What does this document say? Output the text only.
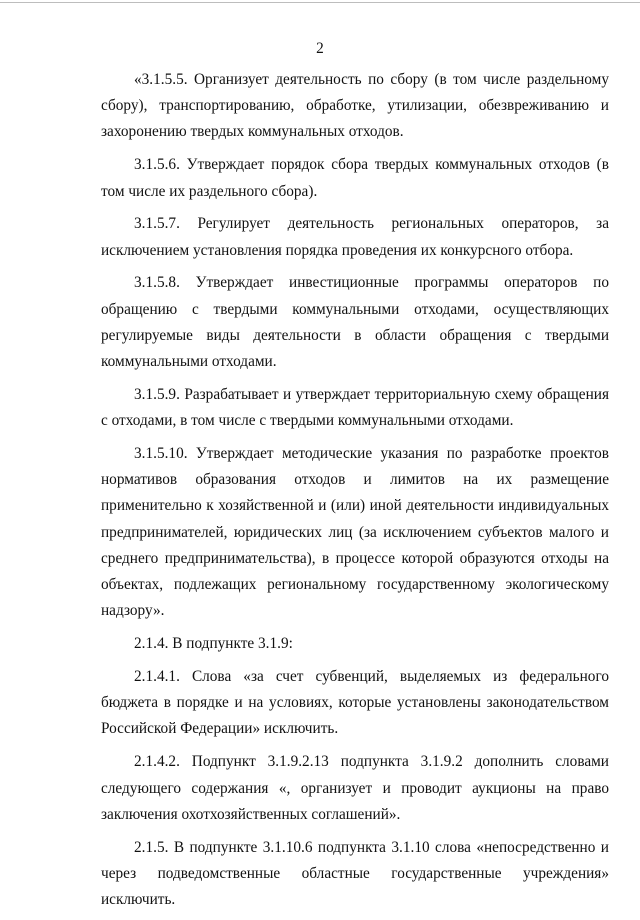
2

«3.1.5.5. Организует деятельность по сбору (в том числе раздельному сбору), транспортированию, обработке, утилизации, обезвреживанию и захоронению твердых коммунальных отходов.

3.1.5.6. Утверждает порядок сбора твердых коммунальных отходов (в том числе их раздельного сбора).

3.1.5.7. Регулирует деятельность региональных операторов, за исключением установления порядка проведения их конкурсного отбора.

3.1.5.8. Утверждает инвестиционные программы операторов по обращению с твердыми коммунальными отходами, осуществляющих регулируемые виды деятельности в области обращения с твердыми коммунальными отходами.

3.1.5.9. Разрабатывает и утверждает территориальную схему обращения с отходами, в том числе с твердыми коммунальными отходами.

3.1.5.10. Утверждает методические указания по разработке проектов нормативов образования отходов и лимитов на их размещение применительно к хозяйственной и (или) иной деятельности индивидуальных предпринимателей, юридических лиц (за исключением субъектов малого и среднего предпринимательства), в процессе которой образуются отходы на объектах, подлежащих региональному государственному экологическому надзору».

2.1.4. В подпункте 3.1.9:

2.1.4.1. Слова «за счет субвенций, выделяемых из федерального бюджета в порядке и на условиях, которые установлены законодательством Российской Федерации» исключить.

2.1.4.2. Подпункт 3.1.9.2.13 подпункта 3.1.9.2 дополнить словами следующего содержания «, организует и проводит аукционы на право заключения охотхозяйственных соглашений».

2.1.5. В подпункте 3.1.10.6 подпункта 3.1.10 слова «непосредственно и через подведомственные областные государственные учреждения» исключить.
